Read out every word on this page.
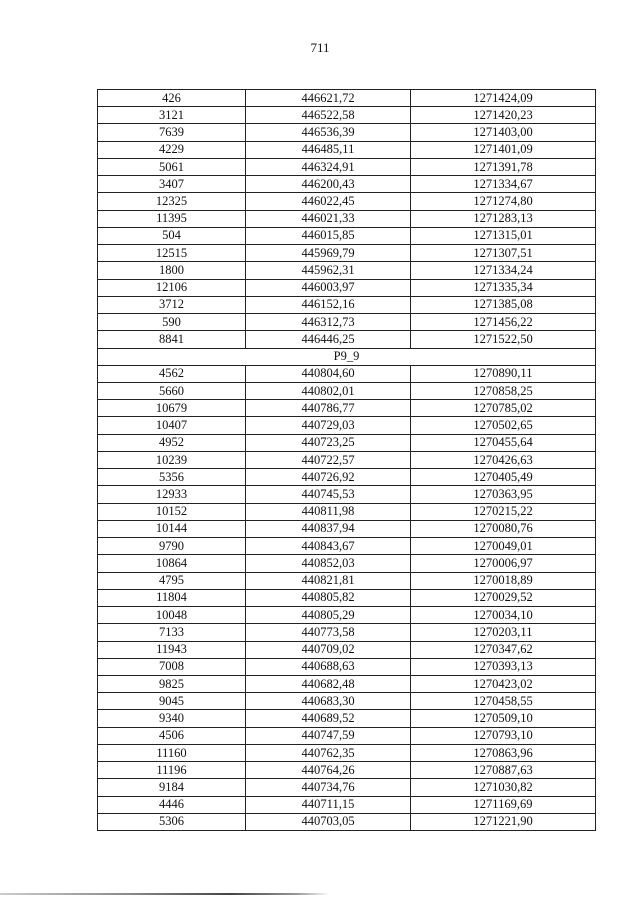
711
426	446621,72	1271424,09
3121	446522,58	1271420,23
7639	446536,39	1271403,00
4229	446485,11	1271401,09
5061	446324,91	1271391,78
3407	446200,43	1271334,67
12325	446022,45	1271274,80
11395	446021,33	1271283,13
504	446015,85	1271315,01
12515	445969,79	1271307,51
1800	445962,31	1271334,24
12106	446003,97	1271335,34
3712	446152,16	1271385,08
590	446312,73	1271456,22
8841	446446,25	1271522,50
P9_9		
4562	440804,60	1270890,11
5660	440802,01	1270858,25
10679	440786,77	1270785,02
10407	440729,03	1270502,65
4952	440723,25	1270455,64
10239	440722,57	1270426,63
5356	440726,92	1270405,49
12933	440745,53	1270363,95
10152	440811,98	1270215,22
10144	440837,94	1270080,76
9790	440843,67	1270049,01
10864	440852,03	1270006,97
4795	440821,81	1270018,89
11804	440805,82	1270029,52
10048	440805,29	1270034,10
7133	440773,58	1270203,11
11943	440709,02	1270347,62
7008	440688,63	1270393,13
9825	440682,48	1270423,02
9045	440683,30	1270458,55
9340	440689,52	1270509,10
4506	440747,59	1270793,10
11160	440762,35	1270863,96
11196	440764,26	1270887,63
9184	440734,76	1271030,82
4446	440711,15	1271169,69
5306	440703,05	1271221,90
